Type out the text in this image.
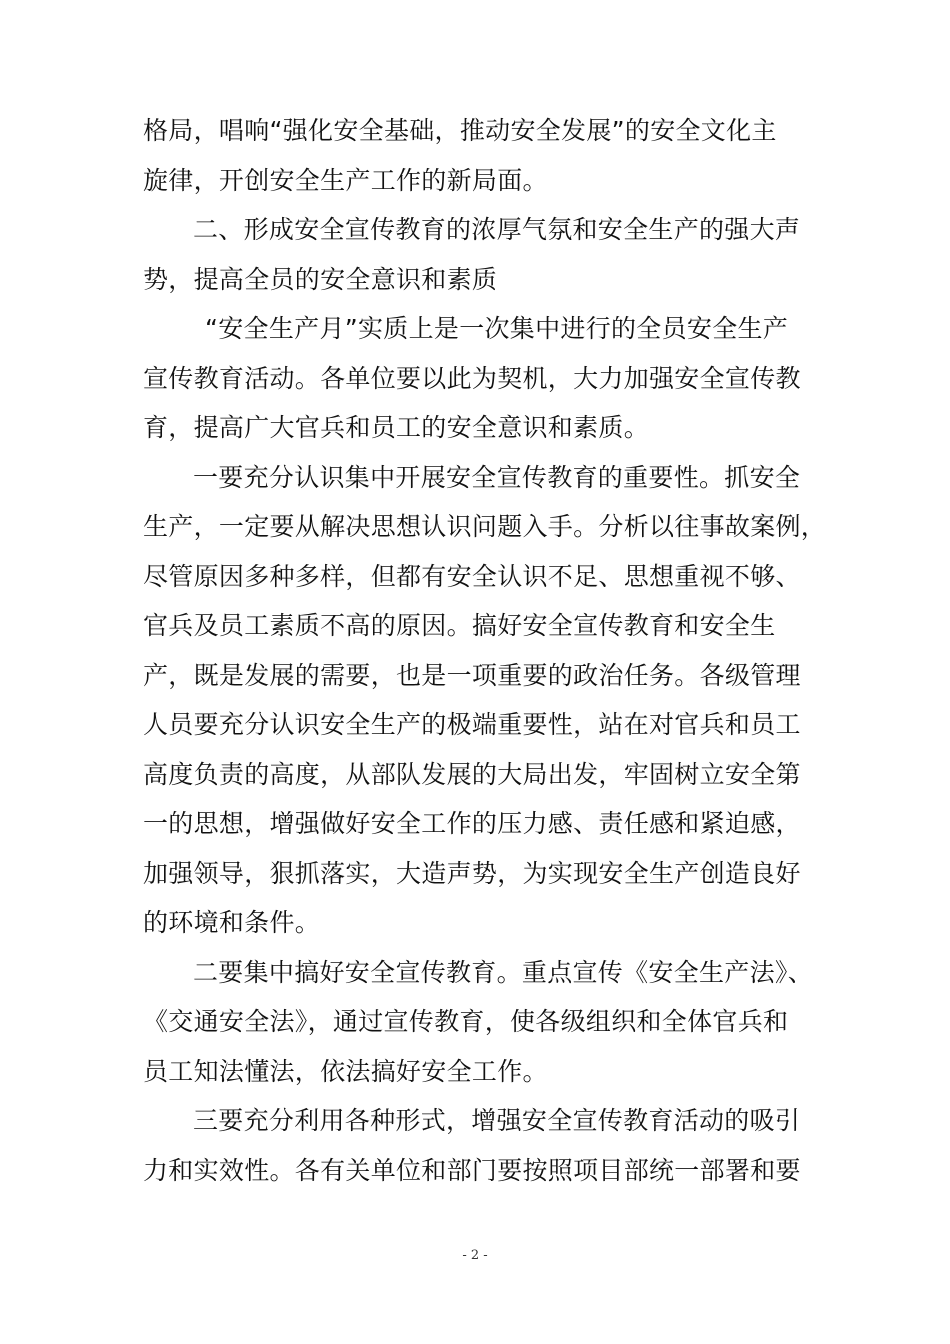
格局，唱响“强化安全基础，推动安全发展”的安全文化主
旋律，开创安全生产工作的新局面。
二、形成安全宣传教育的浓厚气氛和安全生产的强大声
势，提高全员的安全意识和素质
“安全生产月”实质上是一次集中进行的全员安全生产
宣传教育活动。各单位要以此为契机，大力加强安全宣传教
育，提高广大官兵和员工的安全意识和素质。
一要充分认识集中开展安全宣传教育的重要性。抓安全
生产，一定要从解决思想认识问题入手。分析以往事故案例，
尽管原因多种多样，但都有安全认识不足、思想重视不够、
官兵及员工素质不高的原因。搞好安全宣传教育和安全生
产，既是发展的需要，也是一项重要的政治任务。各级管理
人员要充分认识安全生产的极端重要性，站在对官兵和员工
高度负责的高度，从部队发展的大局出发，牢固树立安全第
一的思想，增强做好安全工作的压力感、责任感和紧迫感，
加强领导，狠抓落实，大造声势，为实现安全生产创造良好
的环境和条件。
二要集中搞好安全宣传教育。重点宣传《安全生产法》、
《交通安全法》，通过宣传教育，使各级组织和全体官兵和
员工知法懂法，依法搞好安全工作。
三要充分利用各种形式，增强安全宣传教育活动的吸引
力和实效性。各有关单位和部门要按照项目部统一部署和要
- 2 -
